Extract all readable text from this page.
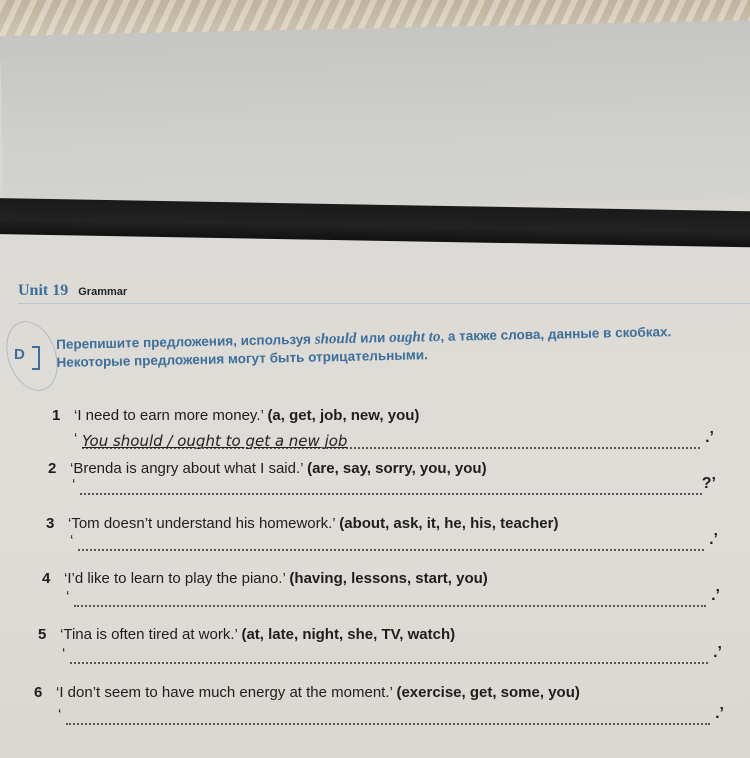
Unit 19 Grammar
D
Перепишите предложения, используя should или ought to, а также слова, данные в скобках. Некоторые предложения могут быть отрицательными.
1 ‘I need to earn more money.’ (a, get, job, new, you)
‘ You should / ought to get a new job	.’
2 ‘Brenda is angry about what I said.’ (are, say, sorry, you, you)
‘	?’
3 ‘Tom doesn’t understand his homework.’ (about, ask, it, he, his, teacher)
‘	.’
4 ‘I’d like to learn to play the piano.’ (having, lessons, start, you)
‘	.’
5 ‘Tina is often tired at work.’ (at, late, night, she, TV, watch)
‘	.’
6 ‘I don’t seem to have much energy at the moment.’ (exercise, get, some, you)
‘	.’
